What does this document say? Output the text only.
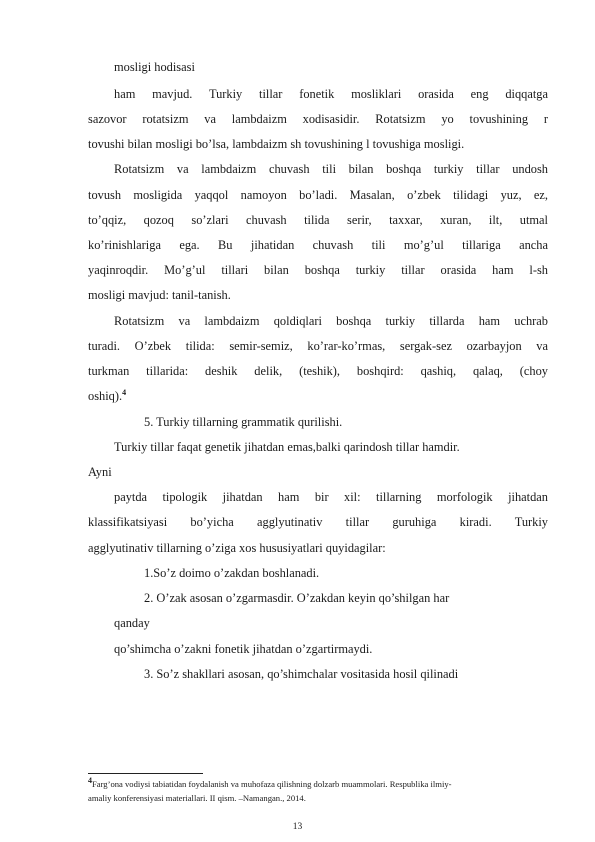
mosligi hodisasi
ham mavjud. Turkiy tillar fonetik mosliklari orasida eng diqqatga
sazovor rotatsizm va lambdaizm xodisasidir. Rotatsizm yo tovushining r
tovushi bilan mosligi bo’lsa, lambdaizm sh tovushining l tovushiga mosligi.
Rotatsizm va lambdaizm chuvash tili bilan boshqa turkiy tillar undosh
tovush mosligida yaqqol namoyon bo’ladi. Masalan, o’zbek tilidagi yuz, ez,
to’qqiz, qozoq so’zlari chuvash tilida serir, taxxar, xuran, ilt, utmal
ko’rinishlariga ega. Bu jihatidan chuvash tili mo’g’ul tillariga ancha
yaqinroqdir. Mo’g’ul tillari bilan boshqa turkiy tillar orasida ham l-sh
mosligi mavjud: tanil-tanish.
Rotatsizm va lambdaizm qoldiqlari boshqa turkiy tillarda ham uchrab
turadi. O’zbek tilida: semir-semiz, ko’rar-ko’rmas, sergak-sez ozarbayjon va
turkman tillarida: deshik delik, (teshik), boshqird: qashiq, qalaq, (choy
oshiq).$^4$
5. Turkiy tillarning grammatik qurilishi.
Turkiy tillar faqat genetik jihatdan emas,balki qarindosh tillar hamdir.
Ayni
paytda tipologik jihatdan ham bir xil: tillarning morfologik jihatdan
klassifikatsiyasi bo’yicha agglyutinativ tillar guruhiga kiradi. Turkiy
agglyutinativ tillarning o’ziga xos hususiyatlari quyidagilar:
1.So’z doimo o’zakdan boshlanadi.
2. O’zak asosan o’zgarmasdir. O’zakdan keyin qo’shilgan har
qanday
qo’shimcha o’zakni fonetik jihatdan o’zgartirmaydi.
3. So’z shakllari asosan, qo’shimchalar vositasida hosil qilinadi
$^4$Farg’ona vodiysi tabiatidan foydalanish va muhofaza qilishning dolzarb muammolari. Respublika ilmiy-
amaliy konferensiyasi materiallari. II qism. –Namangan., 2014.
13
